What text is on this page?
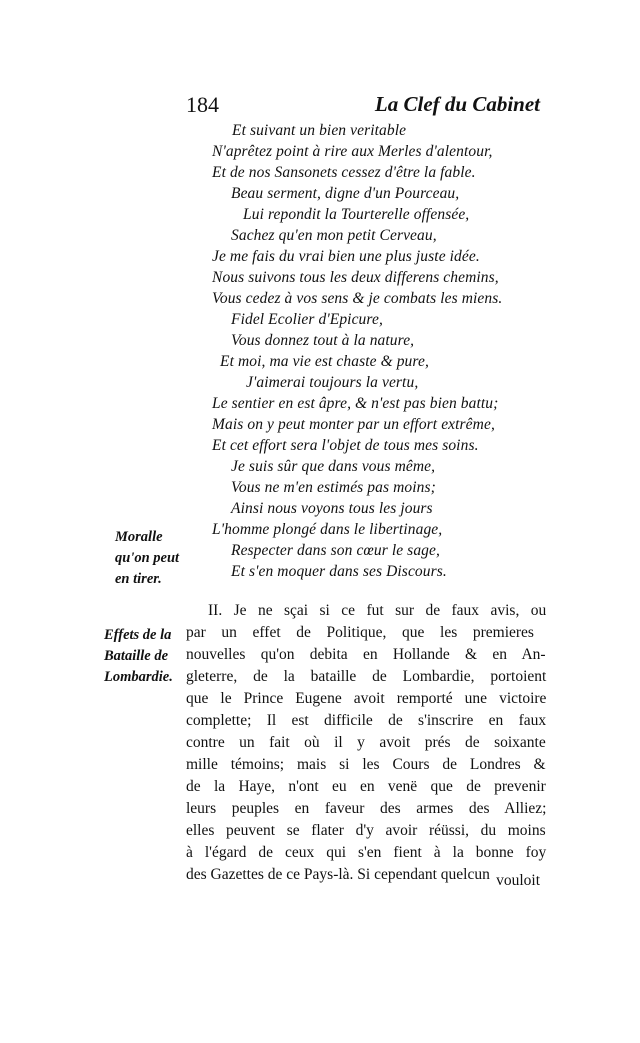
184	La Clef du Cabinet
Et suivant un bien veritable
N'aprêtez point à rire aux Merles d'alentour,
Et de nos Sansonets cessez d'être la fable.
Beau serment, digne d'un Pourceau,
Lui repondit la Tourterelle offensée,
Sachez qu'en mon petit Cerveau,
Je me fais du vrai bien une plus juste idée.
Nous suivons tous les deux differens chemins,
Vous cedez à vos sens & je combats les miens.
Fidel Ecolier d'Epicure,
Vous donnez tout à la nature,
Et moi, ma vie est chaste & pure,
J'aimerai toujours la vertu,
Le sentier en est âpre, & n'est pas bien battu;
Mais on y peut monter par un effort extrême,
Et cet effort sera l'objet de tous mes soins.
Je suis sûr que dans vous même,
Vous ne m'en estimés pas moins;
Ainsi nous voyons tous les jours
L'homme plongé dans le libertinage,
Respecter dans son cœur le sage,
Et s'en moquer dans ses Discours.
Moralle
qu'on peut
en tirer.
Effets de la
Bataille de
Lombardie.
II. Je ne sçai si ce fut sur de faux avis, ou
par un effet de Politique, que les premieres
nouvelles qu'on debita en Hollande & en An-
gleterre, de la bataille de Lombardie, portoient
que le Prince Eugene avoit remporté une victoire
complette; Il est difficile de s'inscrire en faux
contre un fait où il y avoit prés de soixante
mille témoins; mais si les Cours de Londres &
de la Haye, n'ont eu en venë que de prevenir
leurs peuples en faveur des armes des Alliez;
elles peuvent se flater d'y avoir réüssi, du moins
à l'égard de ceux qui s'en fient à la bonne foy
des Gazettes de ce Pays-là. Si cependant quelcun vouloit
